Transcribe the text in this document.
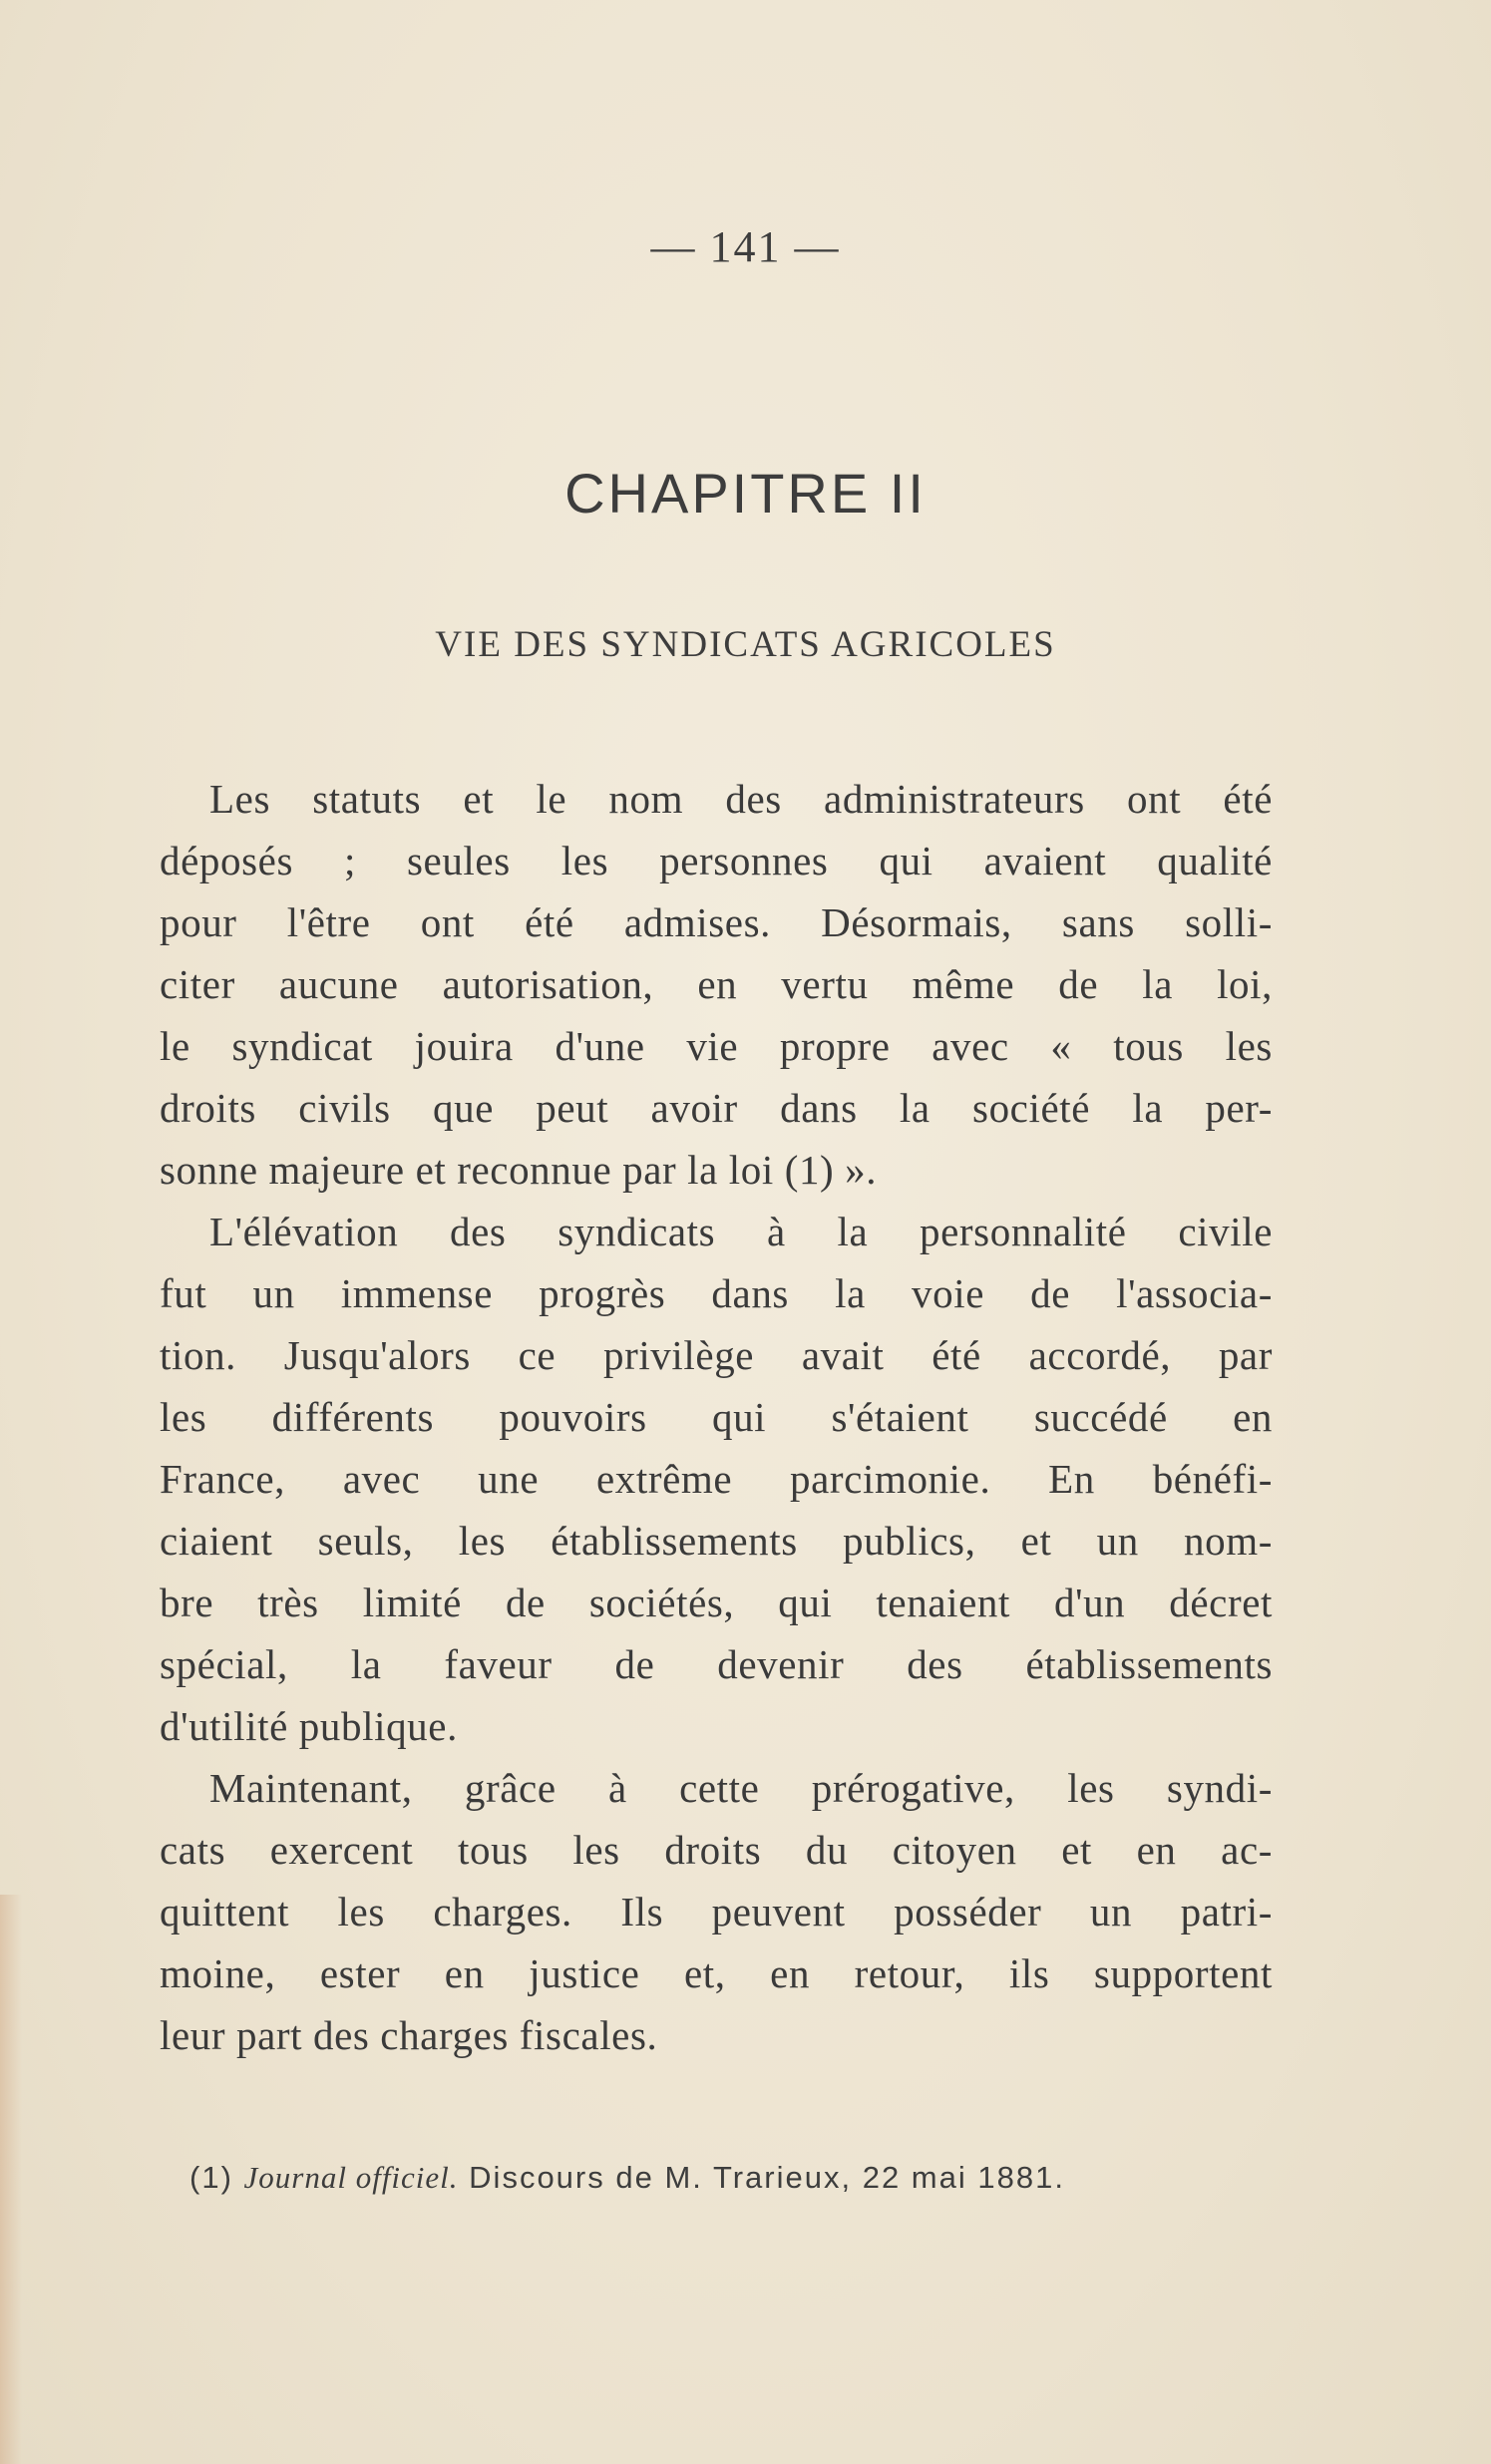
— 141 —
CHAPITRE II
VIE DES SYNDICATS AGRICOLES
Les statuts et le nom des administrateurs ont été
déposés ; seules les personnes qui avaient qualité
pour l'être ont été admises. Désormais, sans solli-
citer aucune autorisation, en vertu même de la loi,
le syndicat jouira d'une vie propre avec « tous les
droits civils que peut avoir dans la société la per-
sonne majeure et reconnue par la loi (1) ».
L'élévation des syndicats à la personnalité civile
fut un immense progrès dans la voie de l'associa-
tion. Jusqu'alors ce privilège avait été accordé, par
les différents pouvoirs qui s'étaient succédé en
France, avec une extrême parcimonie. En bénéfi-
ciaient seuls, les établissements publics, et un nom-
bre très limité de sociétés, qui tenaient d'un décret
spécial, la faveur de devenir des établissements
d'utilité publique.
Maintenant, grâce à cette prérogative, les syndi-
cats exercent tous les droits du citoyen et en ac-
quittent les charges. Ils peuvent posséder un patri-
moine, ester en justice et, en retour, ils supportent
leur part des charges fiscales.
(1) Journal officiel. Discours de M. Trarieux, 22 mai 1881.
